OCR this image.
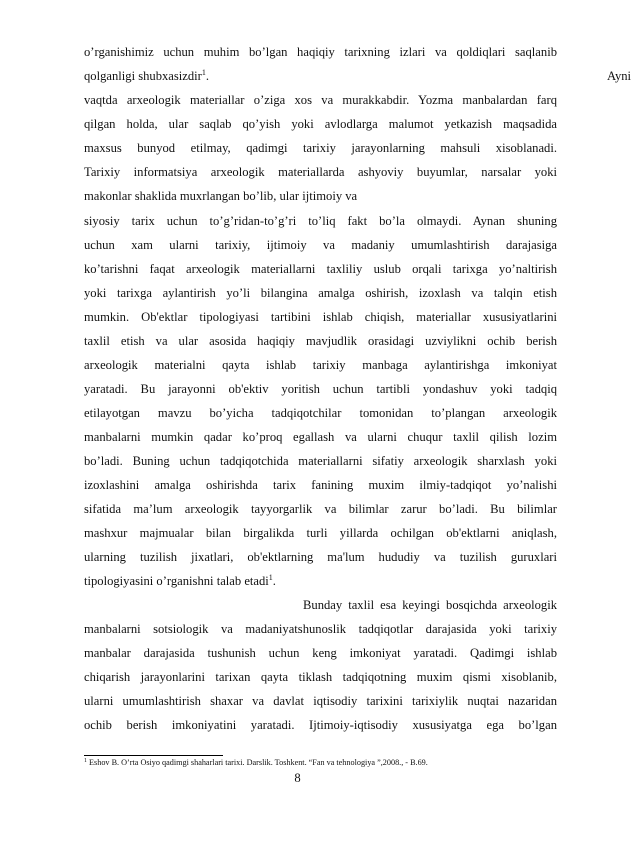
o’rganishimiz uchun muhim bo’lgan haqiqiy tarixning izlari va qoldiqlari saqlanib
qolganligi shubxasizdir$^1$.	Ayni
vaqtda arxeologik materiallar o’ziga xos va murakkabdir. Yozma manbalardan farq
qilgan holda, ular saqlab qo’yish yoki avlodlarga malumot yetkazish maqsadida
maxsus bunyod etilmay, qadimgi tarixiy jarayonlarning mahsuli xisoblanadi.
Tarixiy informatsiya arxeologik materiallarda ashyoviy buyumlar, narsalar yoki
makonlar shaklida muxrlangan bo’lib, ular ijtimoiy va
siyosiy tarix uchun to’g’ridan-to’g’ri to’liq fakt bo’la olmaydi. Aynan shuning
uchun xam ularni tarixiy, ijtimoiy va madaniy umumlashtirish darajasiga
ko’tarishni faqat arxeologik materiallarni taxliliy uslub orqali tarixga yo’naltirish
yoki tarixga aylantirish yo’li bilangina amalga oshirish, izoxlash va talqin etish
mumkin. Ob'ektlar tipologiyasi tartibini ishlab chiqish, materiallar xususiyatlarini
taxlil etish va ular asosida haqiqiy mavjudlik orasidagi uzviylikni ochib berish
arxeologik materialni qayta ishlab tarixiy manbaga aylantirishga imkoniyat
yaratadi. Bu jarayonni ob'ektiv yoritish uchun tartibli yondashuv yoki tadqiq
etilayotgan mavzu bo’yicha tadqiqotchilar tomonidan to’plangan arxeologik
manbalarni mumkin qadar ko’proq egallash va ularni chuqur taxlil qilish lozim
bo’ladi. Buning uchun tadqiqotchida materiallarni sifatiy arxeologik sharxlash yoki
izoxlashini amalga oshirishda tarix fanining muxim ilmiy-tadqiqot yo’nalishi
sifatida ma’lum arxeologik tayyorgarlik va bilimlar zarur bo’ladi. Bu bilimlar
mashxur majmualar bilan birgalikda turli yillarda ochilgan ob'ektlarni aniqlash,
ularning tuzilish jixatlari, ob'ektlarning ma'lum hududiy va tuzilish guruxlari
tipologiyasini o’rganishni talab etadi$^1$.
Bunday taxlil esa keyingi bosqichda arxeologik
manbalarni sotsiologik va madaniyatshunoslik tadqiqotlar darajasida yoki tarixiy
manbalar darajasida tushunish uchun keng imkoniyat yaratadi. Qadimgi ishlab
chiqarish jarayonlarini tarixan qayta tiklash tadqiqotning muxim qismi xisoblanib,
ularni umumlashtirish shaxar va davlat iqtisodiy tarixini tarixiylik nuqtai nazaridan
ochib berish imkoniyatini yaratadi. Ijtimoiy-iqtisodiy xususiyatga ega bo’lgan
$^1$ Eshov B. O’rta Osiyo qadimgi shaharlari tarixi. Darslik. Toshkent. “Fan va tehnologiya ”,2008., - B.69.
8
